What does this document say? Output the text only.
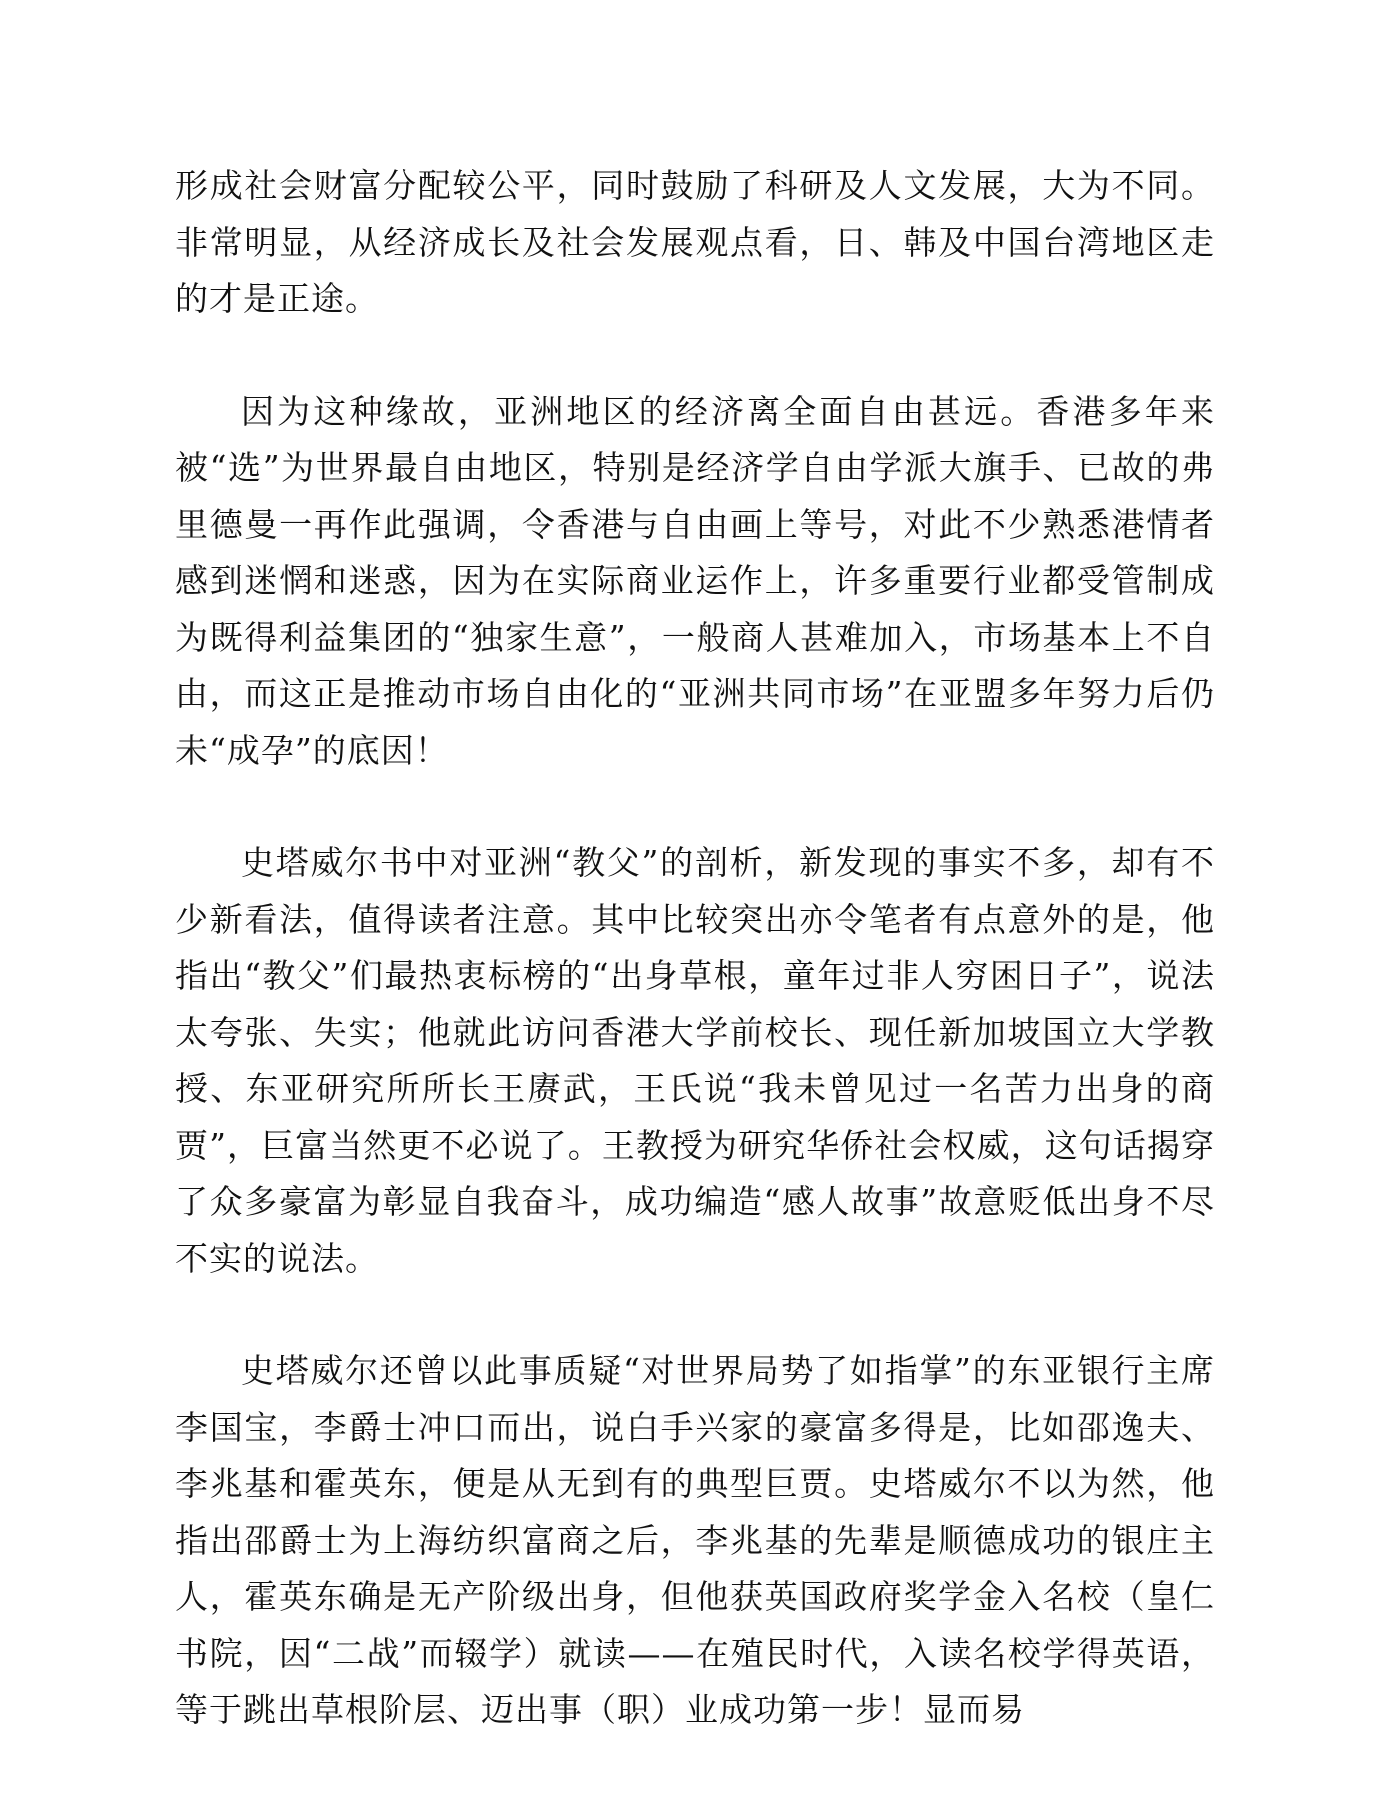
形成社会财富分配较公平，同时鼓励了科研及人文发展，大为不同。非常明显，从经济成长及社会发展观点看，日、韩及中国台湾地区走的才是正途。

因为这种缘故，亚洲地区的经济离全面自由甚远。香港多年来被“选”为世界最自由地区，特别是经济学自由学派大旗手、已故的弗里德曼一再作此强调，令香港与自由画上等号，对此不少熟悉港情者感到迷惘和迷惑，因为在实际商业运作上，许多重要行业都受管制成为既得利益集团的“独家生意”，一般商人甚难加入，市场基本上不自由，而这正是推动市场自由化的“亚洲共同市场”在亚盟多年努力后仍未“成孕”的底因！

史塔威尔书中对亚洲“教父”的剖析，新发现的事实不多，却有不少新看法，值得读者注意。其中比较突出亦令笔者有点意外的是，他指出“教父”们最热衷标榜的“出身草根，童年过非人穷困日子”，说法太夸张、失实；他就此访问香港大学前校长、现任新加坡国立大学教授、东亚研究所所长王赓武，王氏说“我未曾见过一名苦力出身的商贾”，巨富当然更不必说了。王教授为研究华侨社会权威，这句话揭穿了众多豪富为彰显自我奋斗，成功编造“感人故事”故意贬低出身不尽不实的说法。

史塔威尔还曾以此事质疑“对世界局势了如指掌”的东亚银行主席李国宝，李爵士冲口而出，说白手兴家的豪富多得是，比如邵逸夫、李兆基和霍英东，便是从无到有的典型巨贾。史塔威尔不以为然，他指出邵爵士为上海纺织富商之后，李兆基的先辈是顺德成功的银庄主人，霍英东确是无产阶级出身，但他获英国政府奖学金入名校（皇仁书院，因“二战”而辍学）就读——在殖民时代，入读名校学得英语，等于跳出草根阶层、迈出事（职）业成功第一步！显而易
